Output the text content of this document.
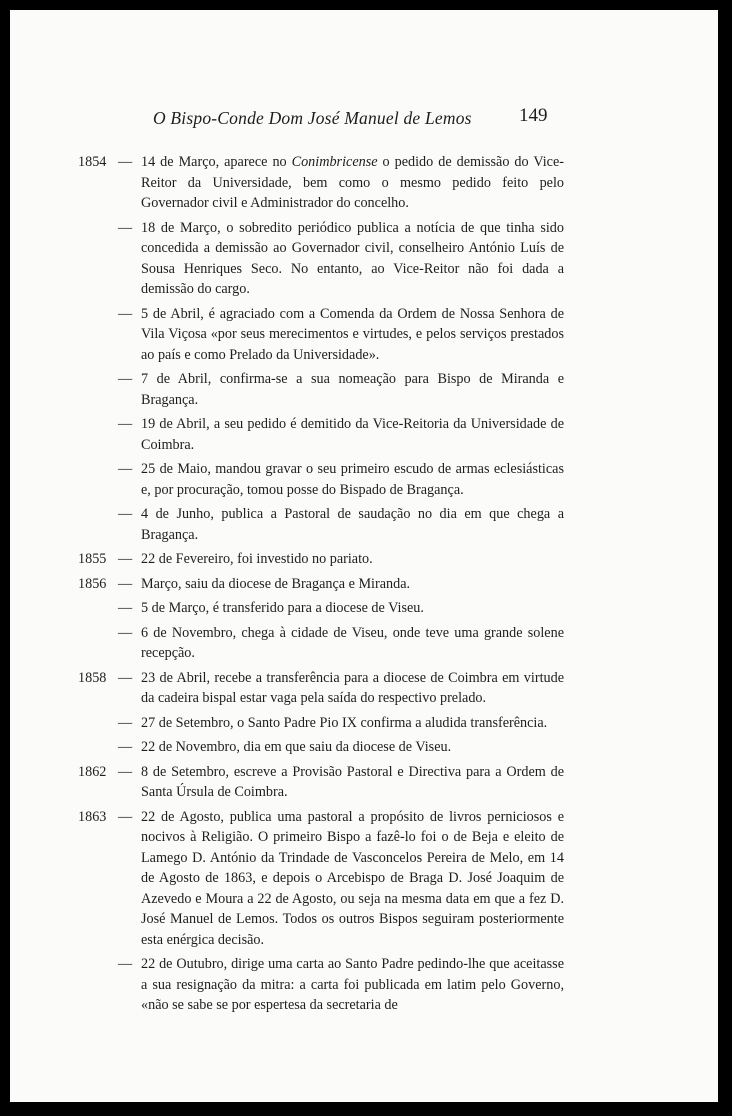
O Bispo-Conde Dom José Manuel de Lemos 149
1854 — 14 de Março, aparece no Conimbricense o pedido de demissão do Vice-Reitor da Universidade, bem como o mesmo pedido feito pelo Governador civil e Administrador do concelho.
— 18 de Março, o sobredito periódico publica a notícia de que tinha sido concedida a demissão ao Governador civil, conselheiro António Luís de Sousa Henriques Seco. No entanto, ao Vice-Reitor não foi dada a demissão do cargo.
— 5 de Abril, é agraciado com a Comenda da Ordem de Nossa Senhora de Vila Viçosa «por seus merecimentos e virtudes, e pelos serviços prestados ao país e como Prelado da Universidade».
— 7 de Abril, confirma-se a sua nomeação para Bispo de Miranda e Bragança.
— 19 de Abril, a seu pedido é demitido da Vice-Reitoria da Universidade de Coimbra.
— 25 de Maio, mandou gravar o seu primeiro escudo de armas eclesiásticas e, por procuração, tomou posse do Bispado de Bragança.
— 4 de Junho, publica a Pastoral de saudação no dia em que chega a Bragança.
1855 — 22 de Fevereiro, foi investido no pariato.
1856 — Março, saiu da diocese de Bragança e Miranda.
— 5 de Março, é transferido para a diocese de Viseu.
— 6 de Novembro, chega à cidade de Viseu, onde teve uma grande solene recepção.
1858 — 23 de Abril, recebe a transferência para a diocese de Coimbra em virtude da cadeira bispal estar vaga pela saída do respectivo prelado.
— 27 de Setembro, o Santo Padre Pio IX confirma a aludida transferência.
— 22 de Novembro, dia em que saiu da diocese de Viseu.
1862 — 8 de Setembro, escreve a Provisão Pastoral e Directiva para a Ordem de Santa Úrsula de Coimbra.
1863 — 22 de Agosto, publica uma pastoral a propósito de livros perniciosos e nocivos à Religião. O primeiro Bispo a fazê-lo foi o de Beja e eleito de Lamego D. António da Trindade de Vasconcelos Pereira de Melo, em 14 de Agosto de 1863, e depois o Arcebispo de Braga D. José Joaquim de Azevedo e Moura a 22 de Agosto, ou seja na mesma data em que a fez D. José Manuel de Lemos. Todos os outros Bispos seguiram posteriormente esta enérgica decisão.
— 22 de Outubro, dirige uma carta ao Santo Padre pedindo-lhe que aceitasse a sua resignação da mitra: a carta foi publicada em latim pelo Governo, «não se sabe se por espertesa da secretaria de
